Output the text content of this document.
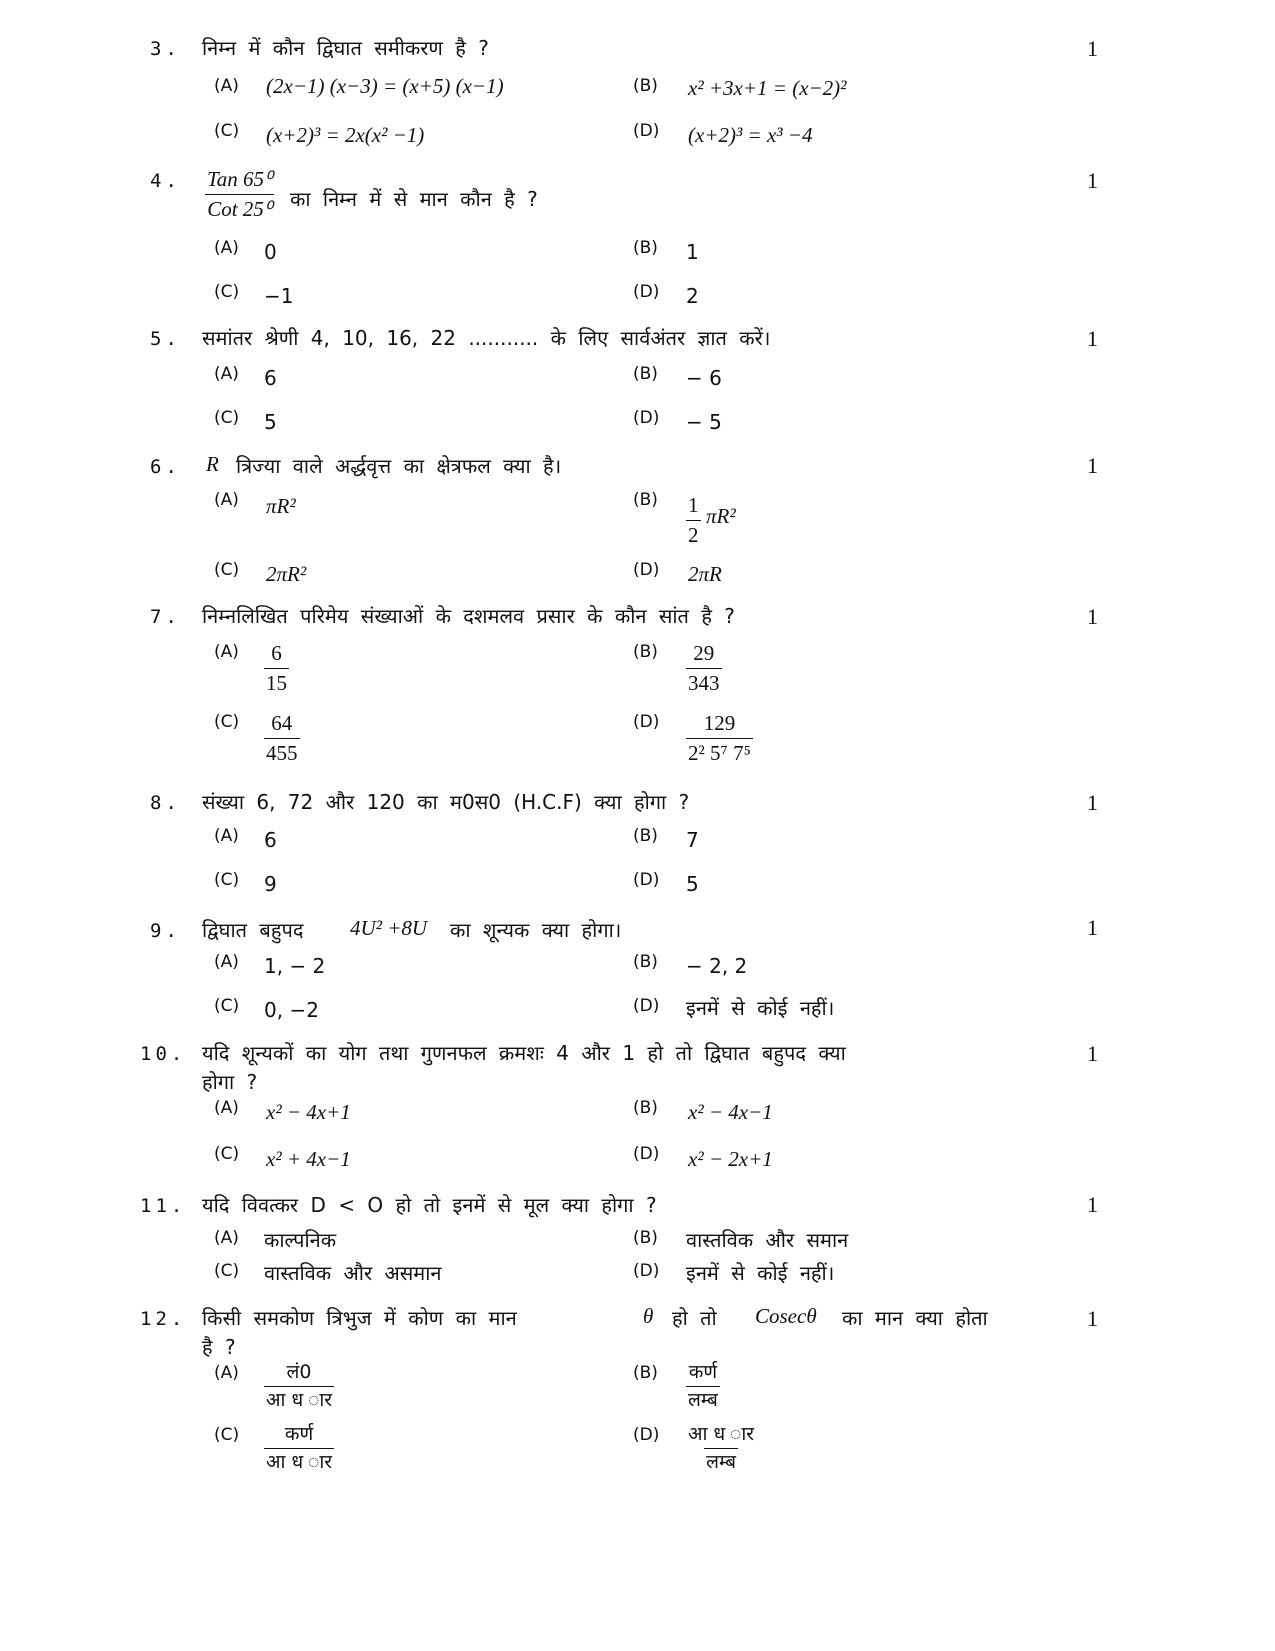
3. निम्न में कौन द्विघात समीकरण है ?	1
(A) (2x−1) (x−3) = (x+5) (x−1)	(B) x² +3x+1 = (x−2)²
(C) (x+2)³ = 2x(x² −1)	(D) (x+2)³ = x³ −4
4. Tan 65⁰
Cot 25⁰ का निम्न में से मान कौन है ?
1
(A) 0	(B) 1
(C) −1	(D) 2
5. समांतर श्रेणी 4, 10, 16, 22 ........... के लिए सार्वअंतर ज्ञात करें।	1
(A) 6	(B) − 6
(C) 5	(D) − 5
6. R त्रिज्या वाले अर्द्धवृत्त का क्षेत्रफल क्या है।	1
(A) πR²	$(B) \frac{1}{2} \pi R^2$
(C) 2πR²	(D) 2πR
7. निम्नलिखित परिमेय संख्याओं के दशमलव प्रसार के कौन सांत है ?	1
$(A) \frac{6}{15}$	$(B) \frac{29}{343}$
$(C) \frac{64}{455}$	$(D) \frac{129}{\text{2² 5⁷ 7⁵}}$
8. संख्या 6, 72 और 120 का म0स0 (H.C.F) क्या होगा ?	1
(A) 6	(B) 7
(C) 9	(D) 5
9. द्विघात बहुपद 4U² +8U का शून्यक क्या होगा।	1
(A) 1, − 2	(B) − 2, 2
(C) 0, −2	(D) इनमें से कोई नहीं।
10. यदि शून्यकों का योग तथा गुणनफल क्रमशः 4 और 1 हो तो द्विघात बहुपद क्या
होगा ?
1
(A) x² − 4x+1	(B) x² − 4x−1
(C) x² + 4x−1	(D) x² − 2x+1
11. यदि विवत्कर D < O हो तो इनमें से मूल क्या होगा ?	1
(A) काल्पनिक	(B) वास्तविक और समान
(C) वास्तविक और असमान	(D) इनमें से कोई नहीं।
12. किसी समकोण त्रिभुज में कोण का मान	θ हो तो Cosecθ का मान क्या होता
है ?
1
(A)	लं0
आ ध ार
(B) कर्ण
लम्ब
(C) कर्ण
आ ध ार
(D) आ ध ार
लम्ब
